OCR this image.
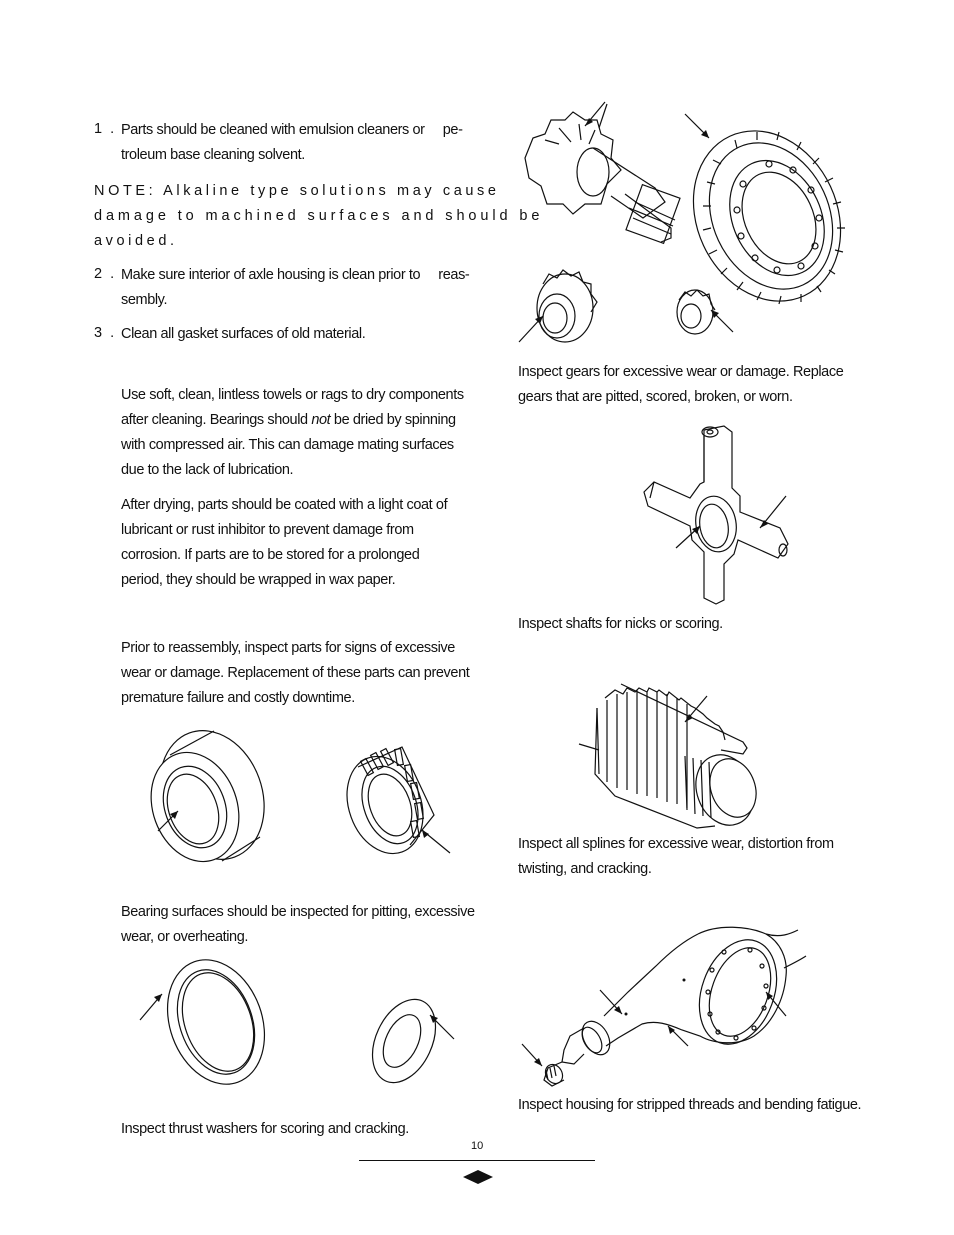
1 . Parts should be cleaned with emulsion cleaners or     pe-
troleum base cleaning solvent.
NOTE: Alkaline type solutions may cause
damage to machined surfaces and should be
avoided.
2 . Make sure interior of axle housing is clean prior to     reas-
sembly.
3 . Clean all gasket surfaces of old material.
Use soft, clean, lintless towels or rags to dry components
after cleaning. Bearings should not be dried by spinning
with compressed air. This can damage mating surfaces
due to the lack of lubrication.
After drying, parts should be coated with a light coat of
lubricant or rust inhibitor to prevent damage from
corrosion. If parts are to be stored for a prolonged
period, they should be wrapped in wax paper.
Prior to reassembly, inspect parts for signs of excessive
wear or damage. Replacement of these parts can prevent
premature failure and costly downtime.
Bearing surfaces should be inspected for pitting, excessive
wear, or overheating.
Inspect thrust washers for scoring and cracking.
Inspect gears for excessive wear or damage. Replace
gears that are pitted, scored, broken, or worn.
Inspect shafts for nicks or scoring.
Inspect all splines for excessive wear, distortion from
twisting, and cracking.
Inspect housing for stripped threads and bending fatigue.
10
